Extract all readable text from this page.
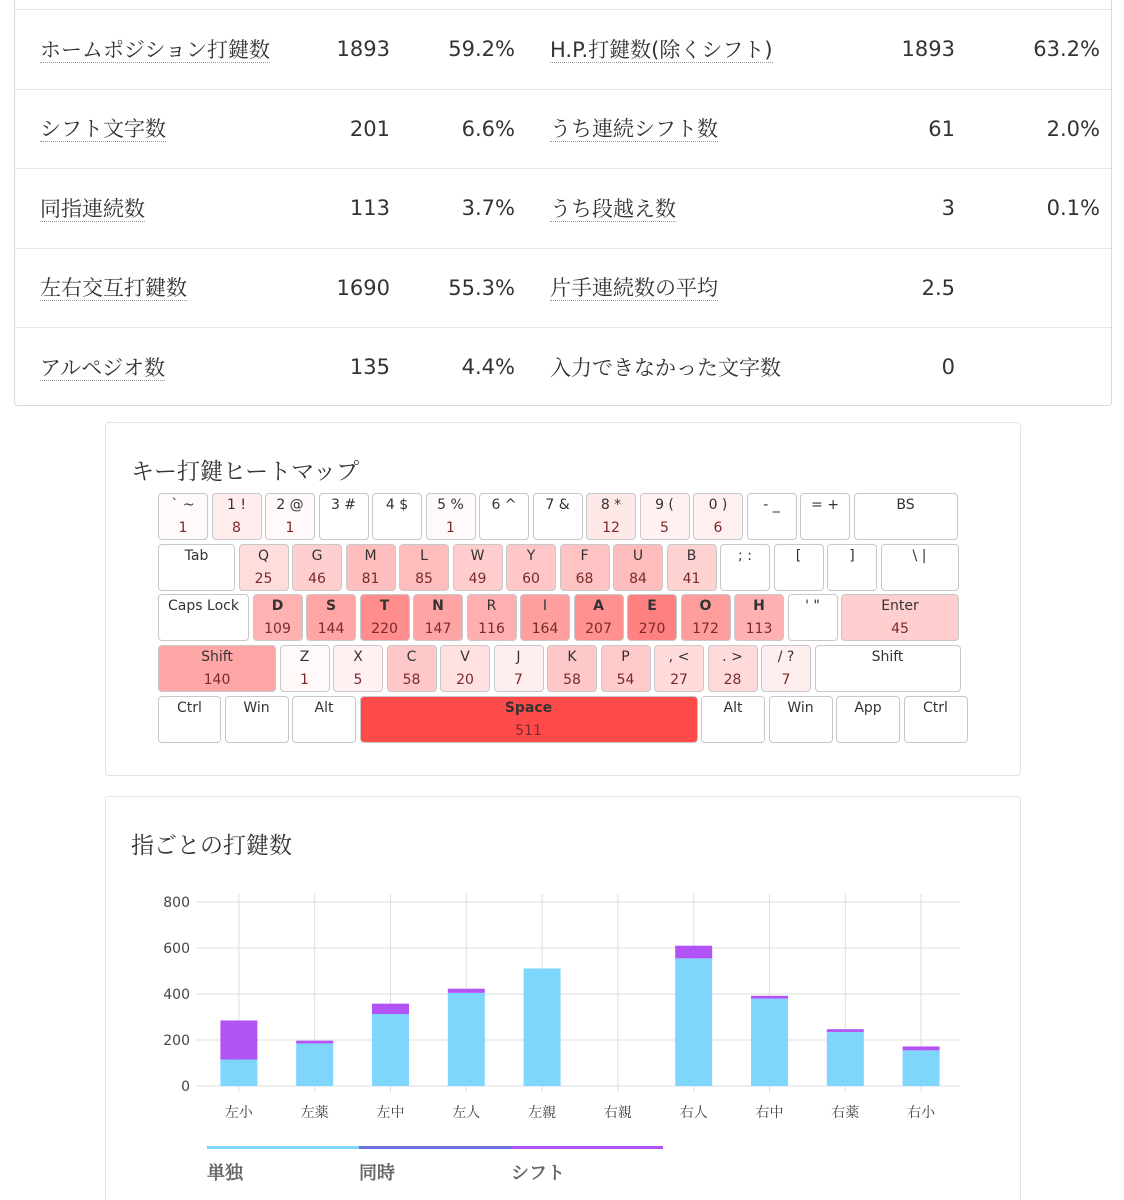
ホームポジション打鍵数	1893	59.2% H.P.打鍵数(除くシフト)	1893	63.2%
シフト文字数	201	6.6% うち連続シフト数	61	2.0%
同指連続数	113	3.7% うち段越え数	3	0.1%
左右交互打鍵数	1690	55.3% 片手連続数の平均	2.5
アルペジオ数	135	4.4% 入力できなかった文字数	0
キー打鍵ヒートマップ
` ~
1
1 !
8
2 @
1
3 #	4 $	5 %
1
6 ^	7 &	8 *
12
9 (
5
0 )
6
- _	= +	BS
Tab	Q
25
G
46
M
81
L
85
W
49
Y
60
F
68
U
84
B
41
; :	[	]	\ |
Caps Lock	D
109
S
144
T
220
N
147
R
116
I
164
A
207
E
270
O
172
H
113
' "	Enter
45
Shift
140
Z
1
X
5
C
58
V
20
J
7
K
58
P
54
, <
27
. >
28
/ ?
7
Shift
Ctrl	Win	Alt	Space
511
Alt	Win	App	Ctrl
指ごとの打鍵数
0
200
400
600
800
左小	左薬	左中	左人	左親	右親	右人	右中	右薬	右小
単独	同時	シフト
